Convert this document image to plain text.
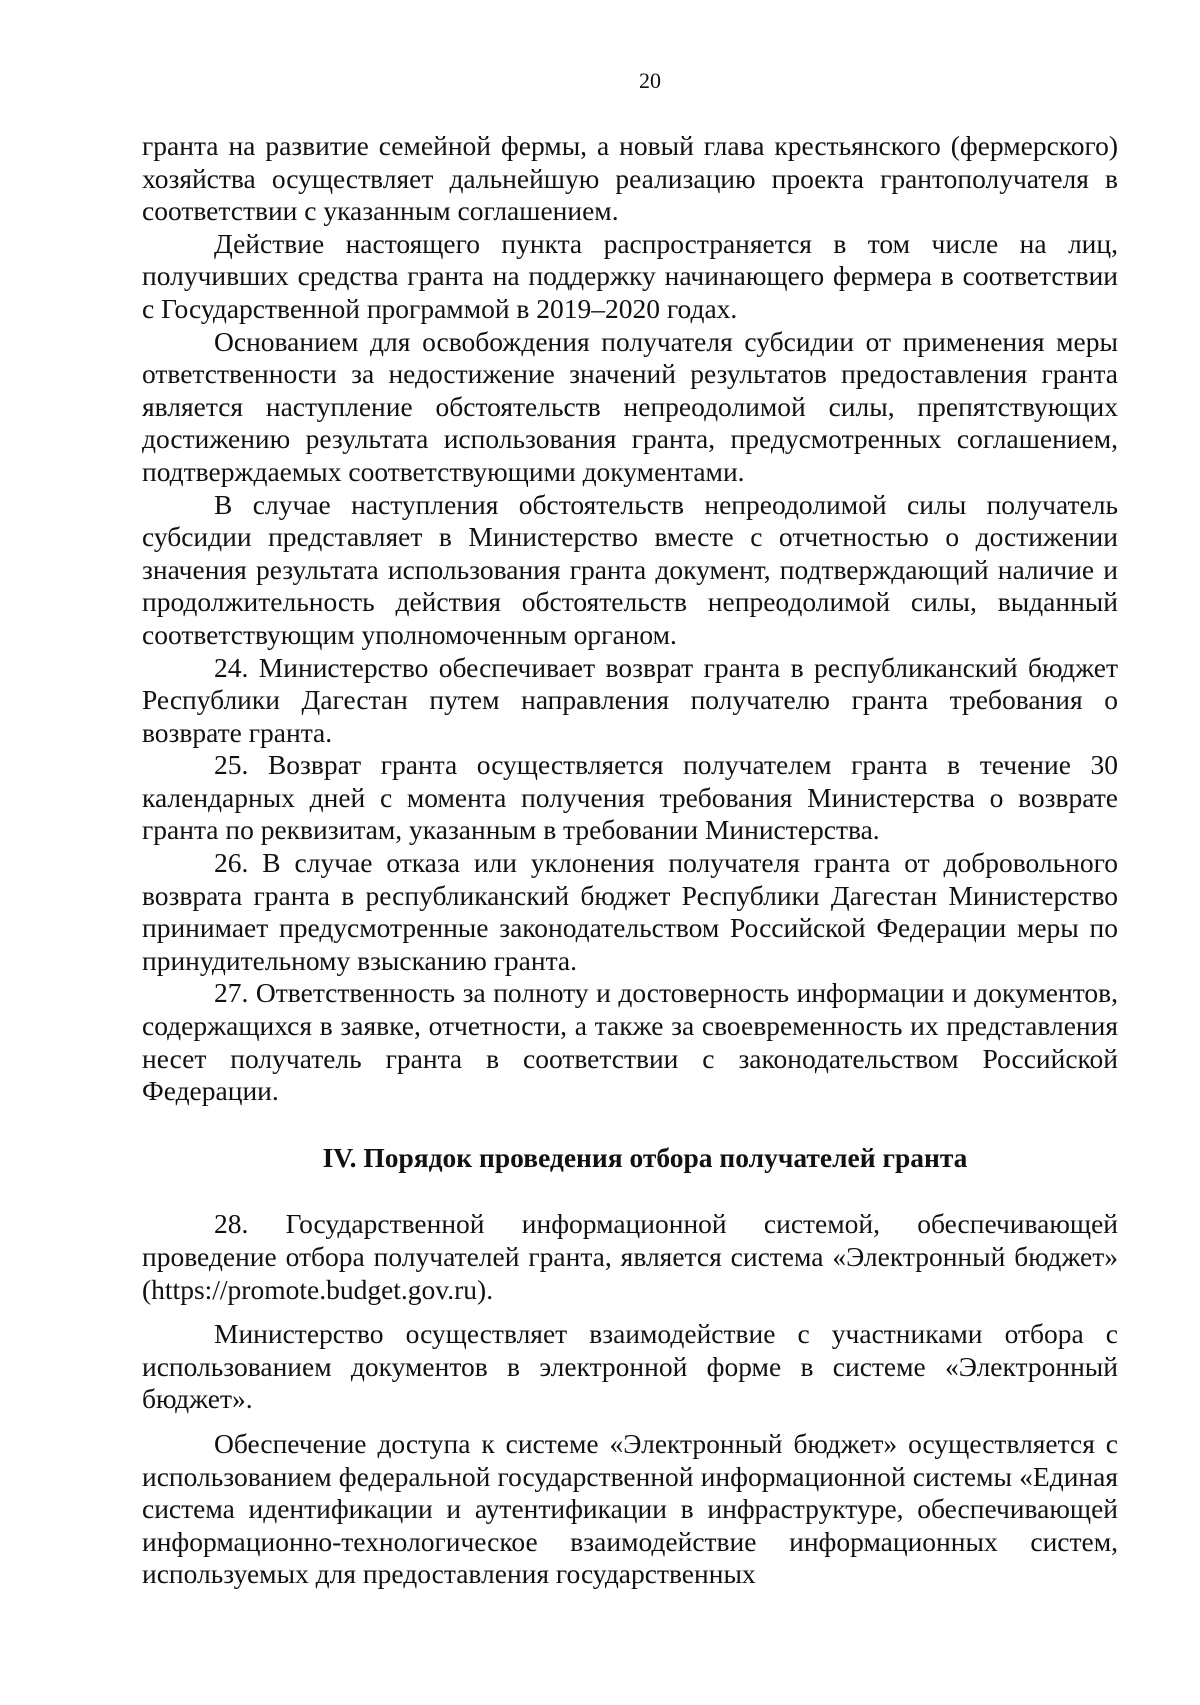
20

гранта на развитие семейной фермы, а новый глава крестьянского (фермерского) хозяйства осуществляет дальнейшую реализацию проекта грантополучателя в соответствии с указанным соглашением.

Действие настоящего пункта распространяется в том числе на лиц, получивших средства гранта на поддержку начинающего фермера в соответствии с Государственной программой в 2019–2020 годах.

Основанием для освобождения получателя субсидии от применения меры ответственности за недостижение значений результатов предоставления гранта является наступление обстоятельств непреодолимой силы, препятствующих достижению результата использования гранта, предусмотренных соглашением, подтверждаемых соответствующими документами.

В случае наступления обстоятельств непреодолимой силы получатель субсидии представляет в Министерство вместе с отчетностью о достижении значения результата использования гранта документ, подтверждающий наличие и продолжительность действия обстоятельств непреодолимой силы, выданный соответствующим уполномоченным органом.

24. Министерство обеспечивает возврат гранта в республиканский бюджет Республики Дагестан путем направления получателю гранта требования о возврате гранта.

25. Возврат гранта осуществляется получателем гранта в течение 30 календарных дней с момента получения требования Министерства о возврате гранта по реквизитам, указанным в требовании Министерства.

26. В случае отказа или уклонения получателя гранта от добровольного возврата гранта в республиканский бюджет Республики Дагестан Министерство принимает предусмотренные законодательством Российской Федерации меры по принудительному взысканию гранта.

27. Ответственность за полноту и достоверность информации и документов, содержащихся в заявке, отчетности, а также за своевременность их представления несет получатель гранта в соответствии с законодательством Российской Федерации.

IV. Порядок проведения отбора получателей гранта

28. Государственной информационной системой, обеспечивающей проведение отбора получателей гранта, является система «Электронный бюджет» (https://promote.budget.gov.ru).

Министерство осуществляет взаимодействие с участниками отбора с использованием документов в электронной форме в системе «Электронный бюджет».

Обеспечение доступа к системе «Электронный бюджет» осуществляется с использованием федеральной государственной информационной системы «Единая система идентификации и аутентификации в инфраструктуре, обеспечивающей информационно-технологическое взаимодействие информационных систем, используемых для предоставления государственных
